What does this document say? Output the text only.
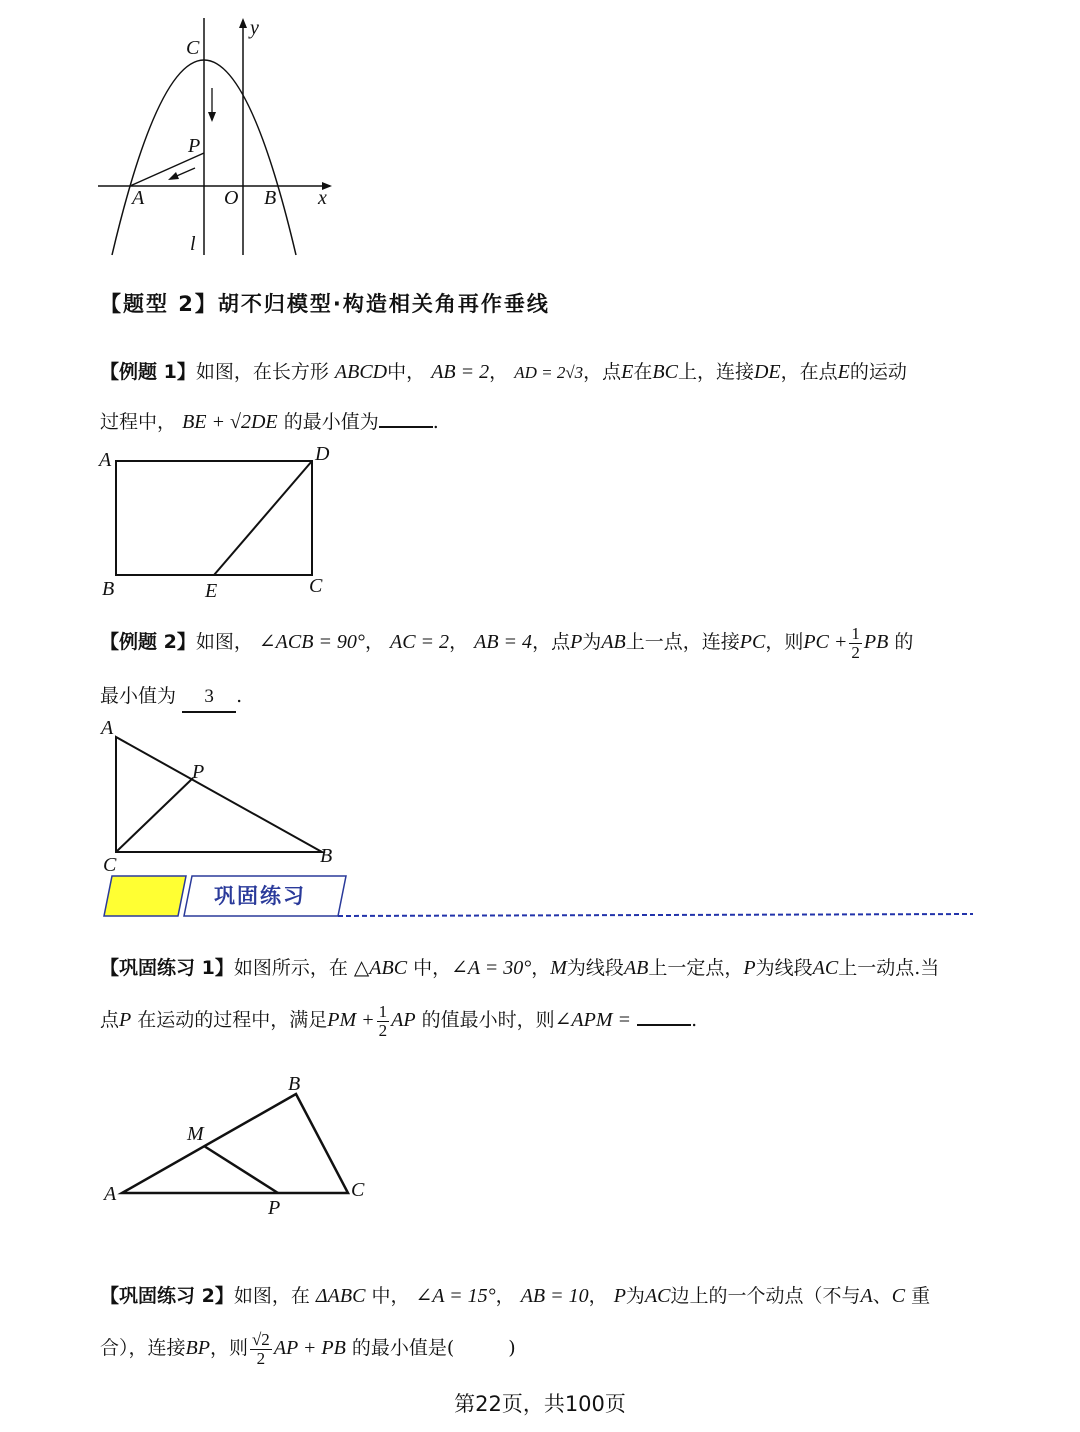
C
y
P
A	O B x
l
【题型 2】胡不归模型·构造相关角再作垂线
【例题 1】如图，在长方形 ABCD中， AB = 2， AD = 2√3，点E在BC上，连接DE，在点E的运动
过程中， BE + √2DE 的最小值为	.
A	D
B	E	C
【例题 2】如图， ∠ACB = 90°， AC = 2， AB = 4，点P为AB上一点，连接PC，则PC + $\frac{1}{2}$ PB 的
最小值为 3 .
A
P
C	B
巩固练习
【巩固练习 1】如图所示，在 △ABC 中，∠A = 30°，M为线段AB上一定点，P为线段AC上一动点.当
点P 在运动的过程中，满足PM + $\frac{1}{2}$ AP 的值最小时，则∠APM =	.
B
M
A	C
P
【巩固练习 2】如图，在 ΔABC 中， ∠A = 15°， AB = 10， P为AC边上的一个动点（不与A、C 重
合），连接BP，则 $\frac{√2}{2}$ AP + PB 的最小值是(	)
第22页，共100页
